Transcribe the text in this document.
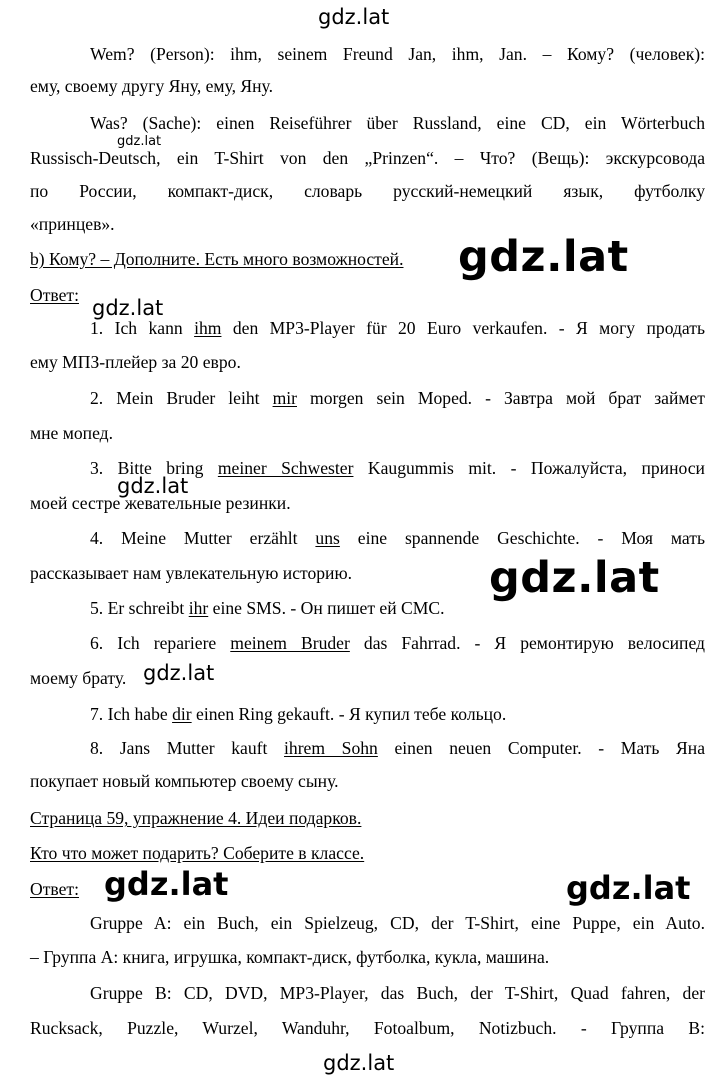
gdz.lat
Wem? (Person): ihm, seinem Freund Jan, ihm, Jan. – Кому? (человек):
ему, своему другу Яну, ему, Яну.
Was? (Sache): einen Reiseführer über Russland, eine CD, ein Wörterbuch
gdz.lat
Russisch-Deutsch, ein T-Shirt von den „Prinzen“. – Что? (Вещь): экскурсовода
по России, компакт-диск, словарь русский-немецкий язык, футболку
«принцев».
b) Кому? – Дополните. Есть много возможностей.	gdz.lat
Ответ:
gdz.lat
1. Ich kann ihm den MP3-Player für 20 Euro verkaufen. - Я могу продать
ему МПЗ-плейер за 20 евро.
2. Mein Bruder leiht mir morgen sein Moped. - Завтра мой брат займет
мне мопед.
3. Bitte bring meiner Schwester Kaugummis mit. - Пожалуйста, приноси
gdz.lat
моей сестре жевательные резинки.
4. Meine Mutter erzählt uns eine spannende Geschichte. - Моя мать
рассказывает нам увлекательную историю.	gdz.lat
5. Er schreibt ihr eine SMS. - Он пишет ей СМС.
6. Ich repariere meinem Bruder das Fahrrad. - Я ремонтирую велосипед
моему брату. gdz.lat
7. Ich habe dir einen Ring gekauft. - Я купил тебе кольцо.
8. Jans Mutter kauft ihrem Sohn einen neuen Computer. - Мать Яна
покупает новый компьютер своему сыну.
Страница 59, упражнение 4. Идеи подарков.
Кто что может подарить? Соберите в классе.
Ответ: gdz.lat	gdz.lat
Gruppe A: ein Buch, ein Spielzeug, CD, der T-Shirt, eine Puppe, ein Auto.
– Группа А: книга, игрушка, компакт-диск, футболка, кукла, машина.
Gruppe B: CD, DVD, MP3-Player, das Buch, der T-Shirt, Quad fahren, der
Rucksack, Puzzle, Wurzel, Wanduhr, Fotoalbum, Notizbuch. - Группа В:
gdz.lat
